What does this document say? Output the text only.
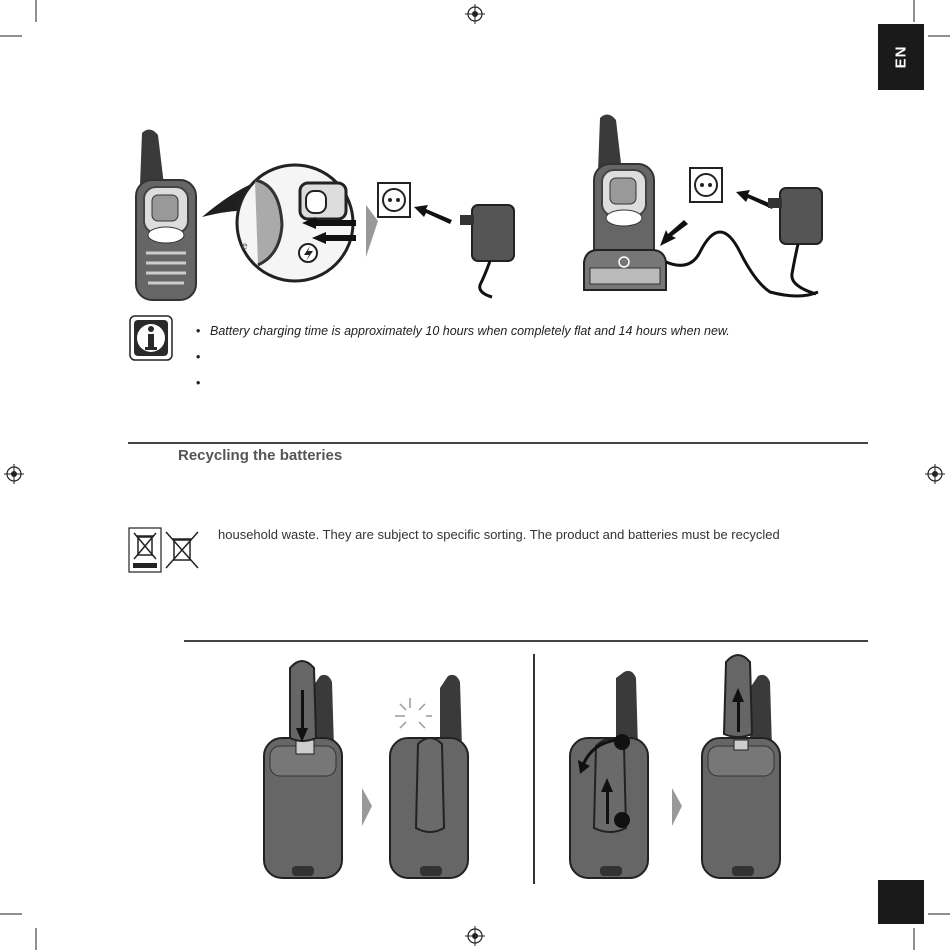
EN
e
• Battery charging time is approximately 10 hours when completely flat and 14 hours when new.
•
•
Recycling the batteries
household waste. They are subject to specific sorting. The product and batteries must be recycled
